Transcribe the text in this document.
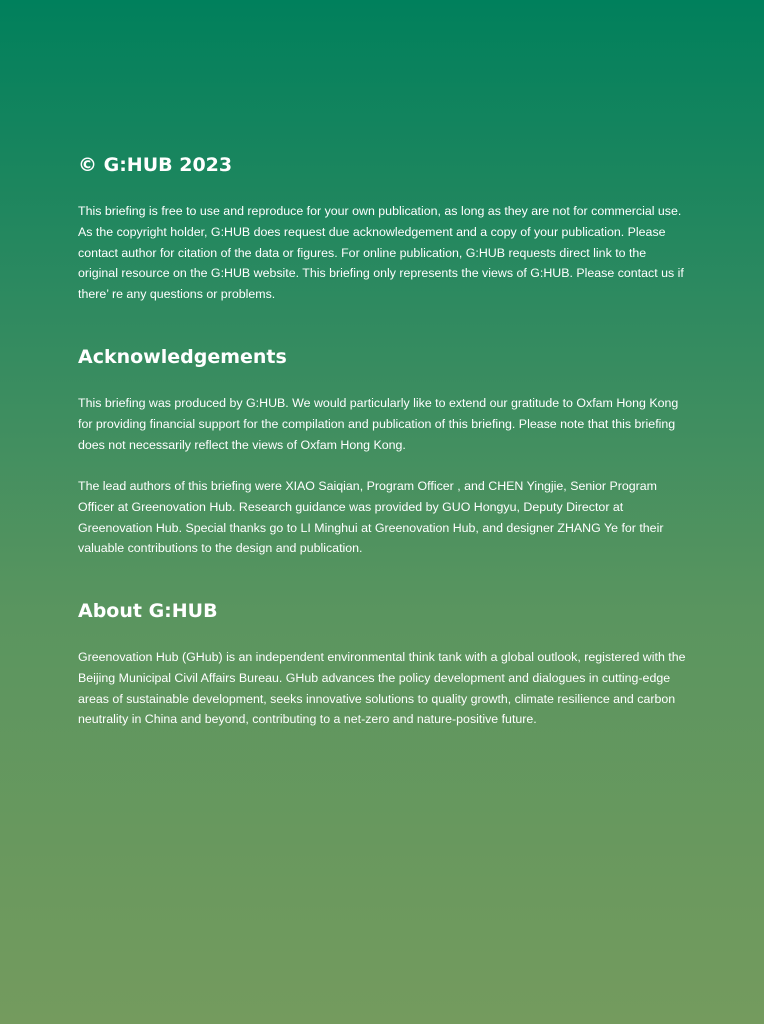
© G:HUB 2023

This briefing is free to use and reproduce for your own publication, as long as they are not for commercial use. As the copyright holder, G:HUB does request due acknowledgement and a copy of your publication. Please contact author for citation of the data or figures. For online publication, G:HUB requests direct link to the original resource on the G:HUB website. This briefing only represents the views of G:HUB. Please contact us if there’ re any questions or problems.

Acknowledgements

This briefing was produced by G:HUB. We would particularly like to extend our gratitude to Oxfam Hong Kong for providing financial support for the compilation and publication of this briefing. Please note that this briefing does not necessarily reflect the views of Oxfam Hong Kong.

The lead authors of this briefing were XIAO Saiqian, Program Officer , and CHEN Yingjie, Senior Program Officer at Greenovation Hub. Research guidance was provided by GUO Hongyu, Deputy Director at Greenovation Hub. Special thanks go to LI Minghui at Greenovation Hub, and designer ZHANG Ye for their valuable contributions to the design and publication.

About G:HUB

Greenovation Hub (GHub) is an independent environmental think tank with a global outlook, registered with the Beijing Municipal Civil Affairs Bureau. GHub advances the policy development and dialogues in cutting-edge areas of sustainable development, seeks innovative solutions to quality growth, climate resilience and carbon neutrality in China and beyond, contributing to a net-zero and nature-positive future.
